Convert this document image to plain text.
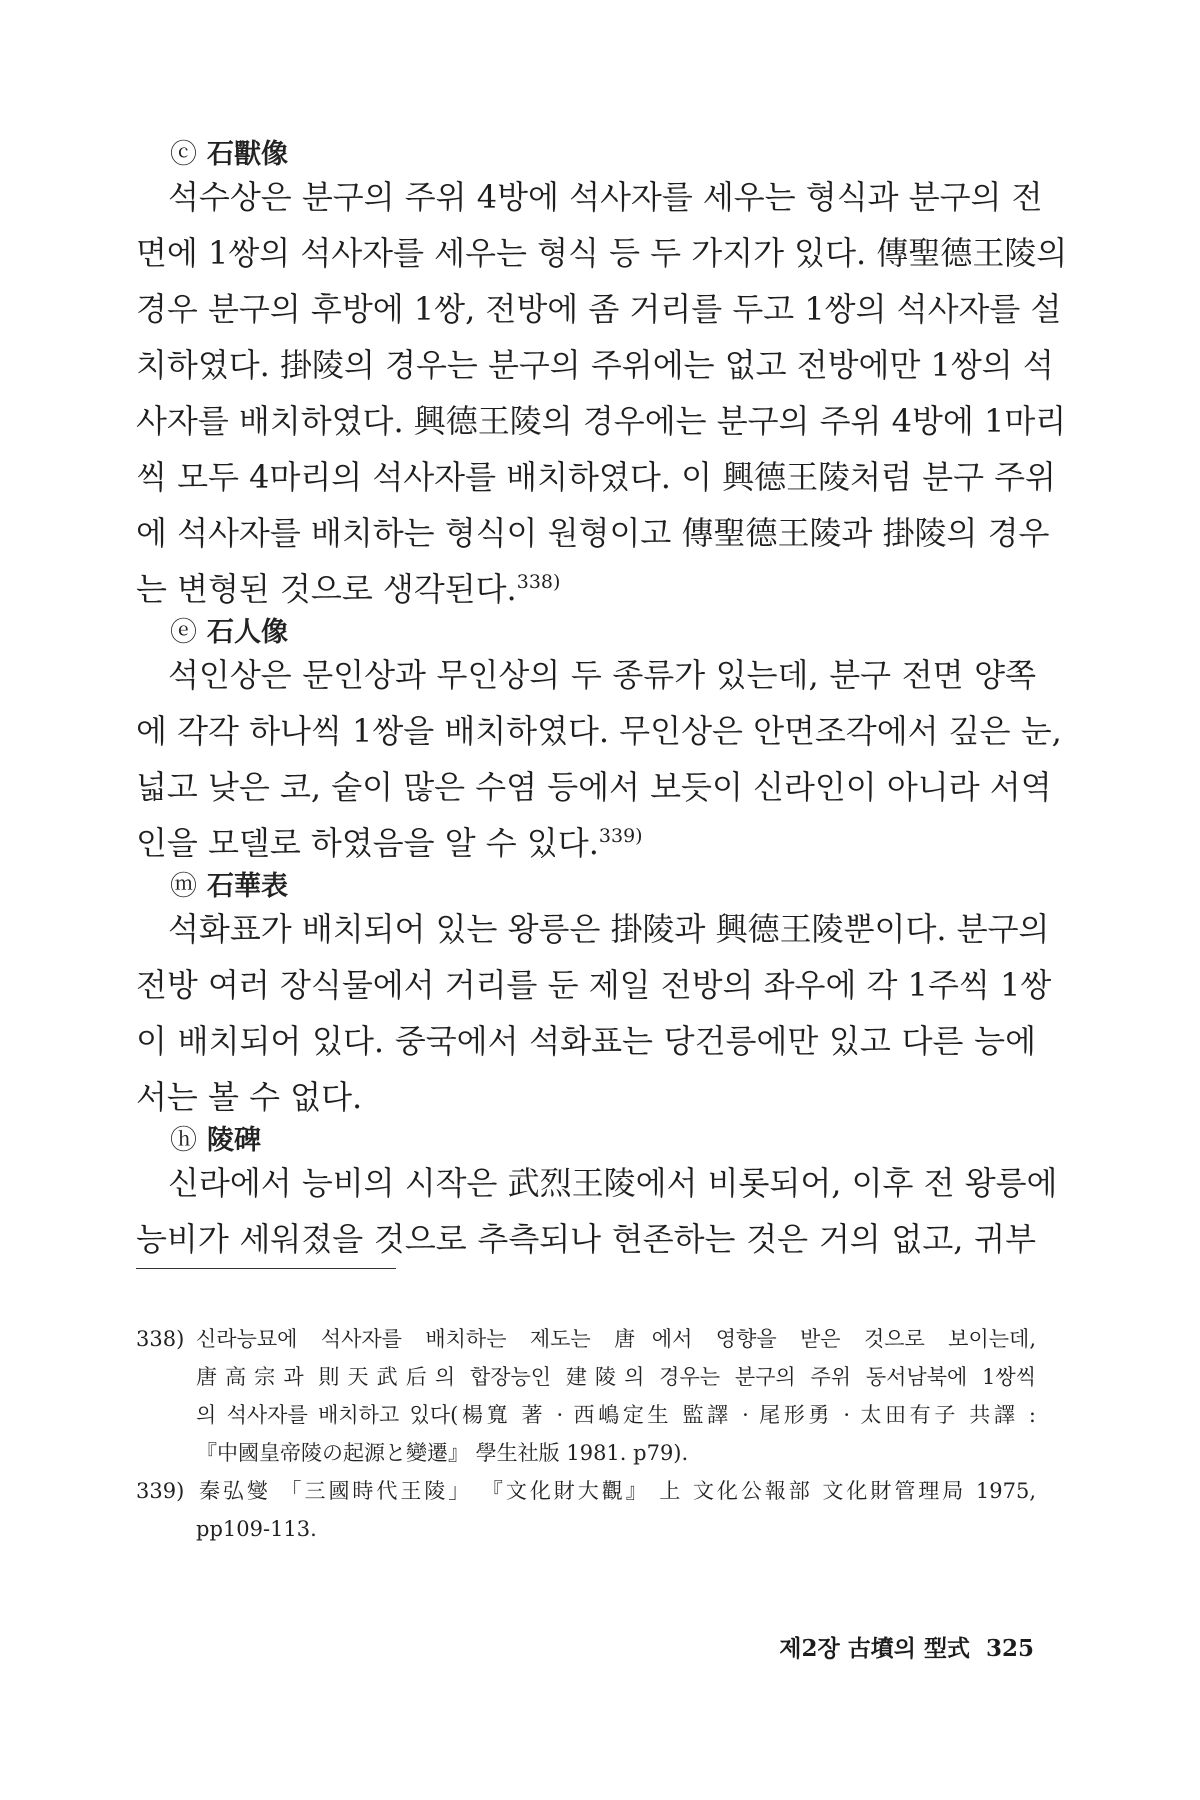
ⓒ 石獸像
석수상은 분구의 주위 4방에 석사자를 세우는 형식과 분구의 전
면에 1쌍의 석사자를 세우는 형식 등 두 가지가 있다. 傳聖德王陵의
경우 분구의 후방에 1쌍, 전방에 좀 거리를 두고 1쌍의 석사자를 설
치하였다. 掛陵의 경우는 분구의 주위에는 없고 전방에만 1쌍의 석
사자를 배치하였다. 興德王陵의 경우에는 분구의 주위 4방에 1마리
씩 모두 4마리의 석사자를 배치하였다. 이 興德王陵처럼 분구 주위
에 석사자를 배치하는 형식이 원형이고 傳聖德王陵과 掛陵의 경우
는 변형된 것으로 생각된다.$^{338)}$
ⓔ 石人像
석인상은 문인상과 무인상의 두 종류가 있는데, 분구 전면 양쪽
에 각각 하나씩 1쌍을 배치하였다. 무인상은 안면조각에서 깊은 눈,
넓고 낮은 코, 숱이 많은 수염 등에서 보듯이 신라인이 아니라 서역
인을 모델로 하였음을 알 수 있다.$^{339)}$
ⓜ 石華表
석화표가 배치되어 있는 왕릉은 掛陵과 興德王陵뿐이다. 분구의
전방 여러 장식물에서 거리를 둔 제일 전방의 좌우에 각 1주씩 1쌍
이 배치되어 있다. 중국에서 석화표는 당건릉에만 있고 다른 능에
서는 볼 수 없다.
ⓗ 陵碑
신라에서 능비의 시작은 武烈王陵에서 비롯되어, 이후 전 왕릉에
능비가 세워졌을 것으로 추측되나 현존하는 것은 거의 없고, 귀부
338) 신라능묘에 석사자를 배치하는 제도는 唐에서 영향을 받은 것으로 보이는데,
唐高宗과 則天武后의 합장능인 建陵의 경우는 분구의 주위 동서남북에 1쌍씩
의 석사자를 배치하고 있다(楊寬 著 · 西嶋定生 監譯 · 尾形勇 · 太田有子 共譯 :
『中國皇帝陵の起源と變遷』 學生社版 1981. p79).
339) 秦弘燮 「三國時代王陵」 『文化財大觀』 上 文化公報部 文化財管理局 1975,
pp109-113.
제2장 古墳의 型式 325
